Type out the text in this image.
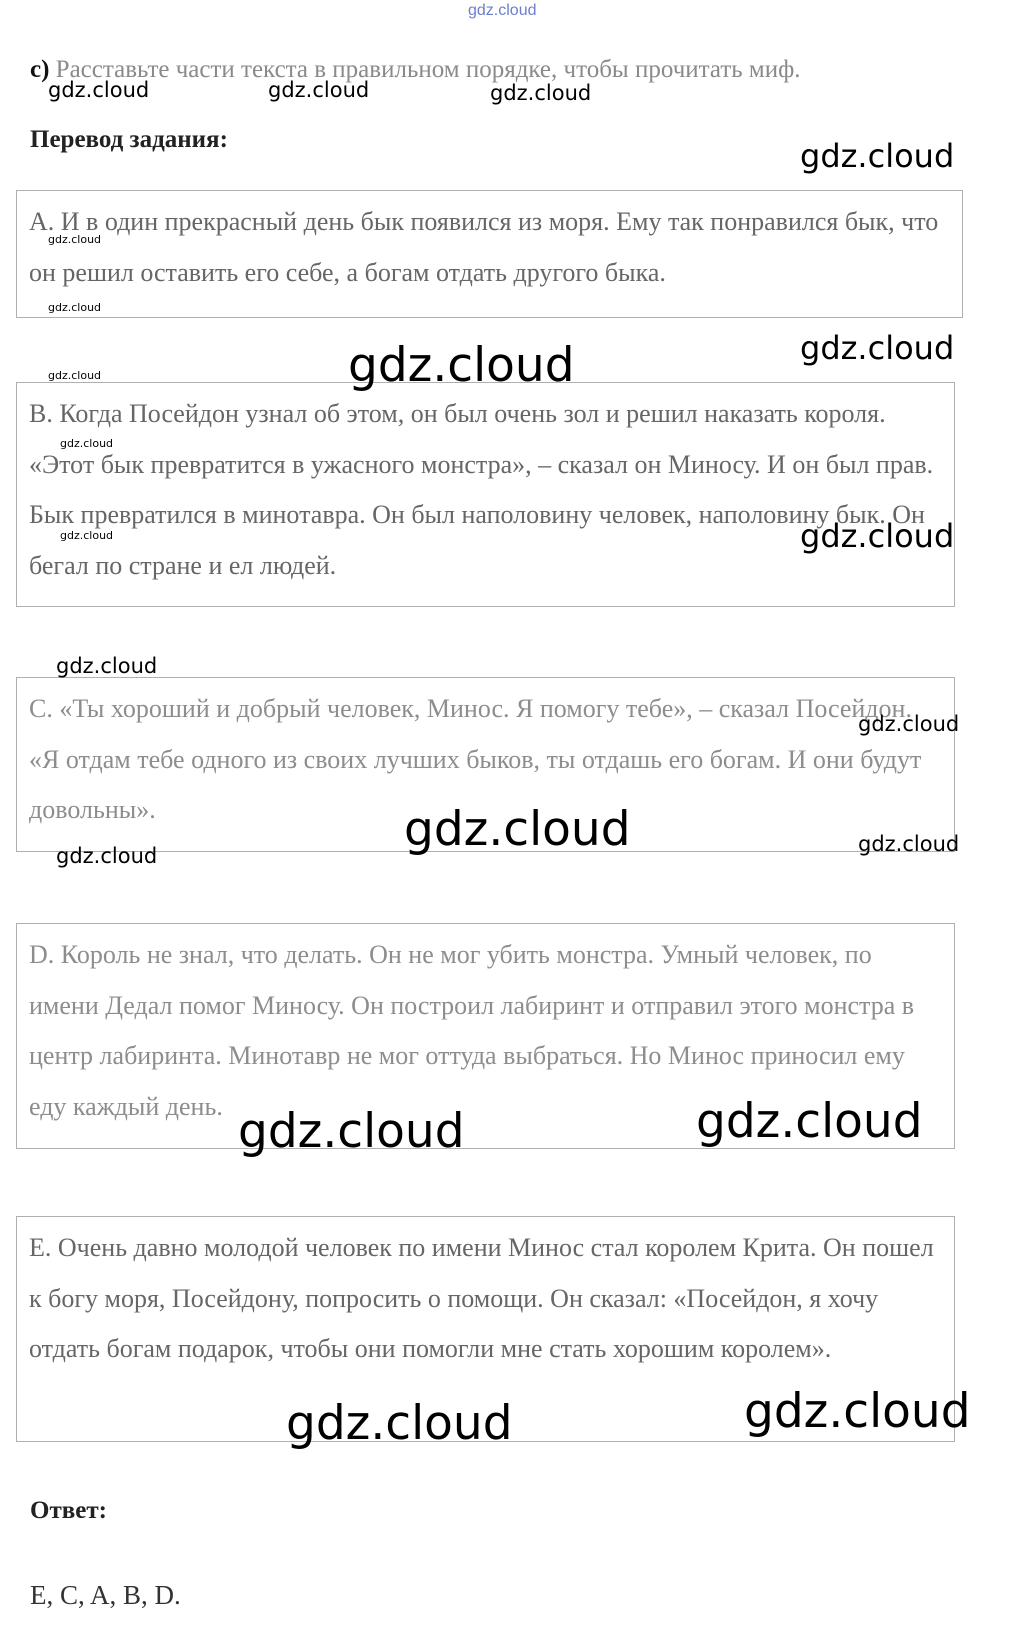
gdz.cloud
c) Расставьте части текста в правильном порядке, чтобы прочитать миф.
Перевод задания:

A. И в один прекрасный день бык появился из моря. Ему так понравился бык, что он решил оставить его себе, а богам отдать другого быка.

B. Когда Посейдон узнал об этом, он был очень зол и решил наказать короля. «Этот бык превратится в ужасного монстра», – сказал он Миносу. И он был прав. Бык превратился в минотавра. Он был наполовину человек, наполовину бык. Он бегал по стране и ел людей.

C. «Ты хороший и добрый человек, Минос. Я помогу тебе», – сказал Посейдон. «Я отдам тебе одного из своих лучших быков, ты отдашь его богам. И они будут довольны».

D. Король не знал, что делать. Он не мог убить монстра. Умный человек, по имени Дедал помог Миносу. Он построил лабиринт и отправил этого монстра в центр лабиринта. Минотавр не мог оттуда выбраться. Но Минос приносил ему еду каждый день.

E. Очень давно молодой человек по имени Минос стал королем Крита. Он пошел к богу моря, Посейдону, попросить о помощи. Он сказал: «Посейдон, я хочу отдать богам подарок, чтобы они помогли мне стать хорошим королем».

Ответ:
E, C, A, B, D.
gdz.cloud	gdz.cloud	gdz.cloud
gdz.cloud
gdz.cloud
gdz.cloud
gdz.cloud
gdz.cloud
gdz.cloud
gdz.cloud
gdz.cloud	gdz.cloud
gdz.cloud
gdz.cloud
gdz.cloud	gdz.cloud
gdz.cloud
gdz.cloud
gdz.cloud
gdz.cloud
gdz.cloud
